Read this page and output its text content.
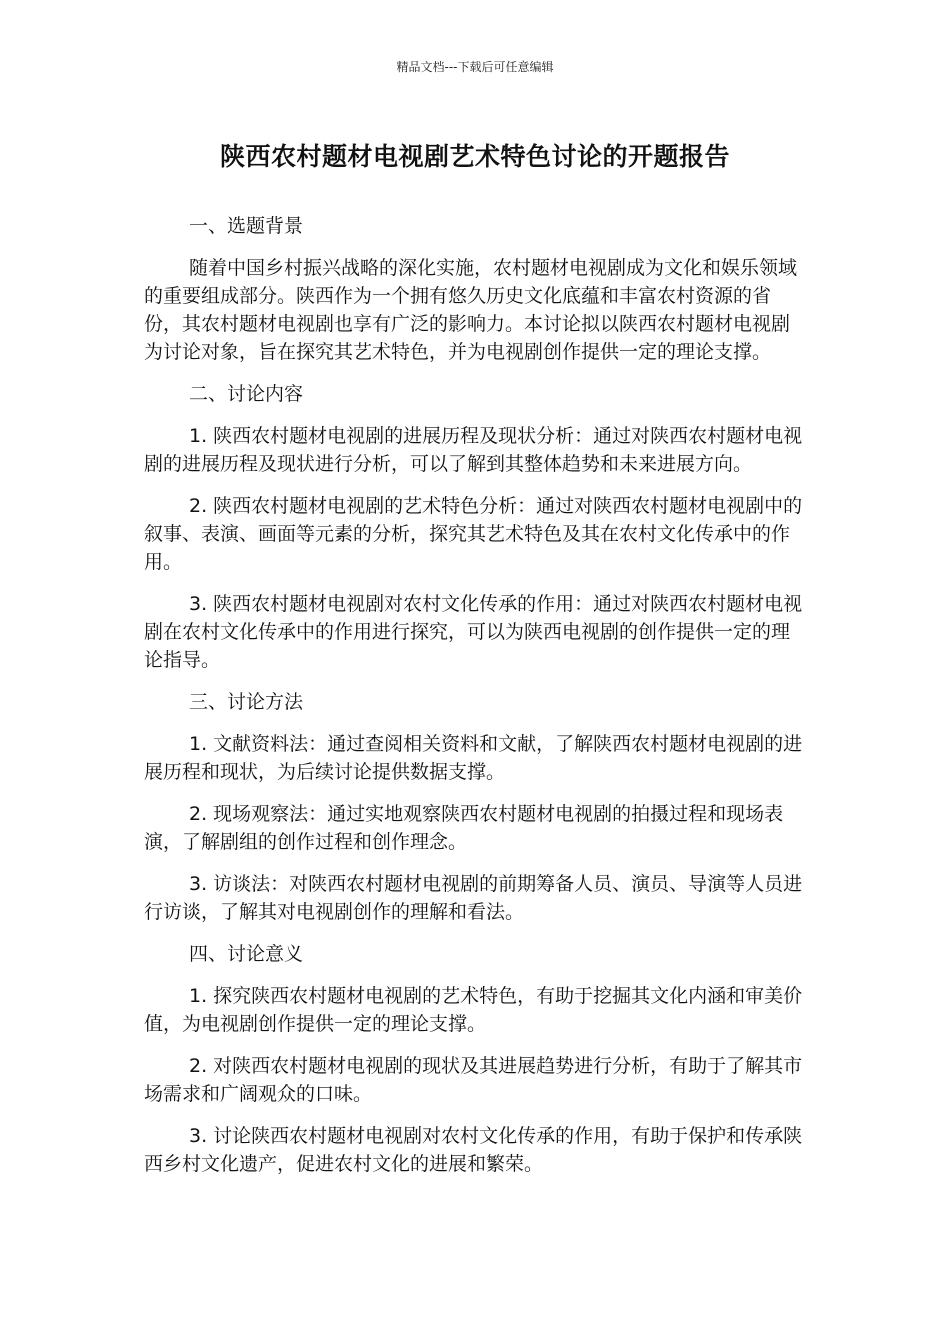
精品文档---下载后可任意编辑
陕西农村题材电视剧艺术特色讨论的开题报告

一、选题背景

随着中国乡村振兴战略的深化实施，农村题材电视剧成为文化和娱乐领域的重要组成部分。陕西作为一个拥有悠久历史文化底蕴和丰富农村资源的省份，其农村题材电视剧也享有广泛的影响力。本讨论拟以陕西农村题材电视剧为讨论对象，旨在探究其艺术特色，并为电视剧创作提供一定的理论支撑。

二、讨论内容

1. 陕西农村题材电视剧的进展历程及现状分析：通过对陕西农村题材电视剧的进展历程及现状进行分析，可以了解到其整体趋势和未来进展方向。

2. 陕西农村题材电视剧的艺术特色分析：通过对陕西农村题材电视剧中的叙事、表演、画面等元素的分析，探究其艺术特色及其在农村文化传承中的作用。

3. 陕西农村题材电视剧对农村文化传承的作用：通过对陕西农村题材电视剧在农村文化传承中的作用进行探究，可以为陕西电视剧的创作提供一定的理论指导。

三、讨论方法

1. 文献资料法：通过查阅相关资料和文献，了解陕西农村题材电视剧的进展历程和现状，为后续讨论提供数据支撑。

2. 现场观察法：通过实地观察陕西农村题材电视剧的拍摄过程和现场表演，了解剧组的创作过程和创作理念。

3. 访谈法：对陕西农村题材电视剧的前期筹备人员、演员、导演等人员进行访谈，了解其对电视剧创作的理解和看法。

四、讨论意义

1. 探究陕西农村题材电视剧的艺术特色，有助于挖掘其文化内涵和审美价值，为电视剧创作提供一定的理论支撑。

2. 对陕西农村题材电视剧的现状及其进展趋势进行分析，有助于了解其市场需求和广阔观众的口味。

3. 讨论陕西农村题材电视剧对农村文化传承的作用，有助于保护和传承陕西乡村文化遗产，促进农村文化的进展和繁荣。
